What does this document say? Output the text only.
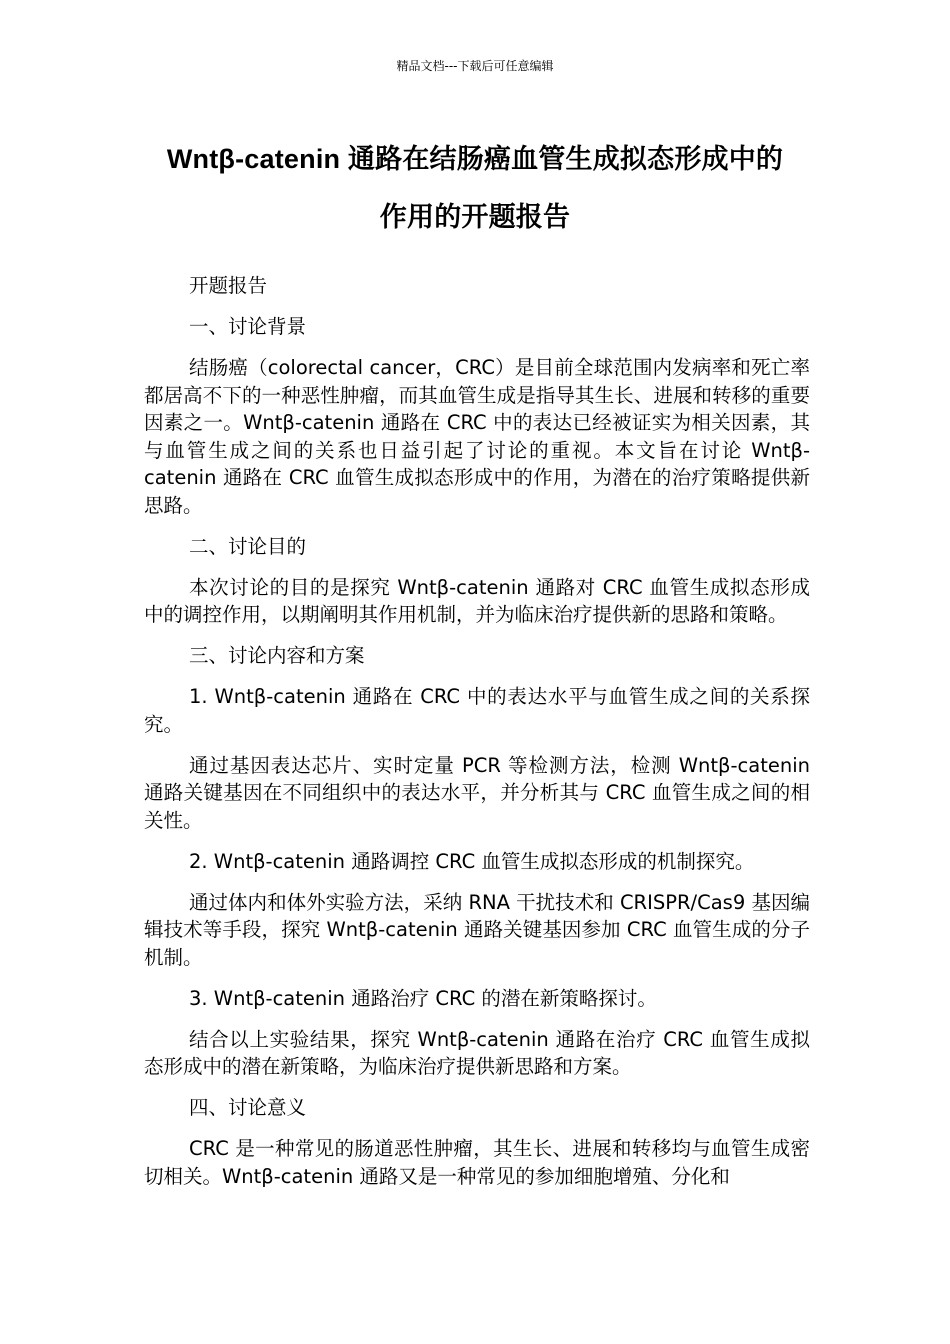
精品文档---下载后可任意编辑
Wntβ-catenin 通路在结肠癌血管生成拟态形成中的
作用的开题报告

开题报告

一、讨论背景

结肠癌（colorectal cancer，CRC）是目前全球范围内发病率和死亡率都居高不下的一种恶性肿瘤，而其血管生成是指导其生长、进展和转移的重要因素之一。Wntβ-catenin 通路在 CRC 中的表达已经被证实为相关因素，其与血管生成之间的关系也日益引起了讨论的重视。本文旨在讨论 Wntβ-catenin 通路在 CRC 血管生成拟态形成中的作用，为潜在的治疗策略提供新思路。

二、讨论目的

本次讨论的目的是探究 Wntβ-catenin 通路对 CRC 血管生成拟态形成中的调控作用，以期阐明其作用机制，并为临床治疗提供新的思路和策略。

三、讨论内容和方案

1. Wntβ-catenin 通路在 CRC 中的表达水平与血管生成之间的关系探究。

通过基因表达芯片、实时定量 PCR 等检测方法，检测 Wntβ-catenin 通路关键基因在不同组织中的表达水平，并分析其与 CRC 血管生成之间的相关性。

2. Wntβ-catenin 通路调控 CRC 血管生成拟态形成的机制探究。

通过体内和体外实验方法，采纳 RNA 干扰技术和 CRISPR/Cas9 基因编辑技术等手段，探究 Wntβ-catenin 通路关键基因参加 CRC 血管生成的分子机制。

3. Wntβ-catenin 通路治疗 CRC 的潜在新策略探讨。

结合以上实验结果，探究 Wntβ-catenin 通路在治疗 CRC 血管生成拟态形成中的潜在新策略，为临床治疗提供新思路和方案。

四、讨论意义

CRC 是一种常见的肠道恶性肿瘤，其生长、进展和转移均与血管生成密切相关。Wntβ-catenin 通路又是一种常见的参加细胞增殖、分化和
